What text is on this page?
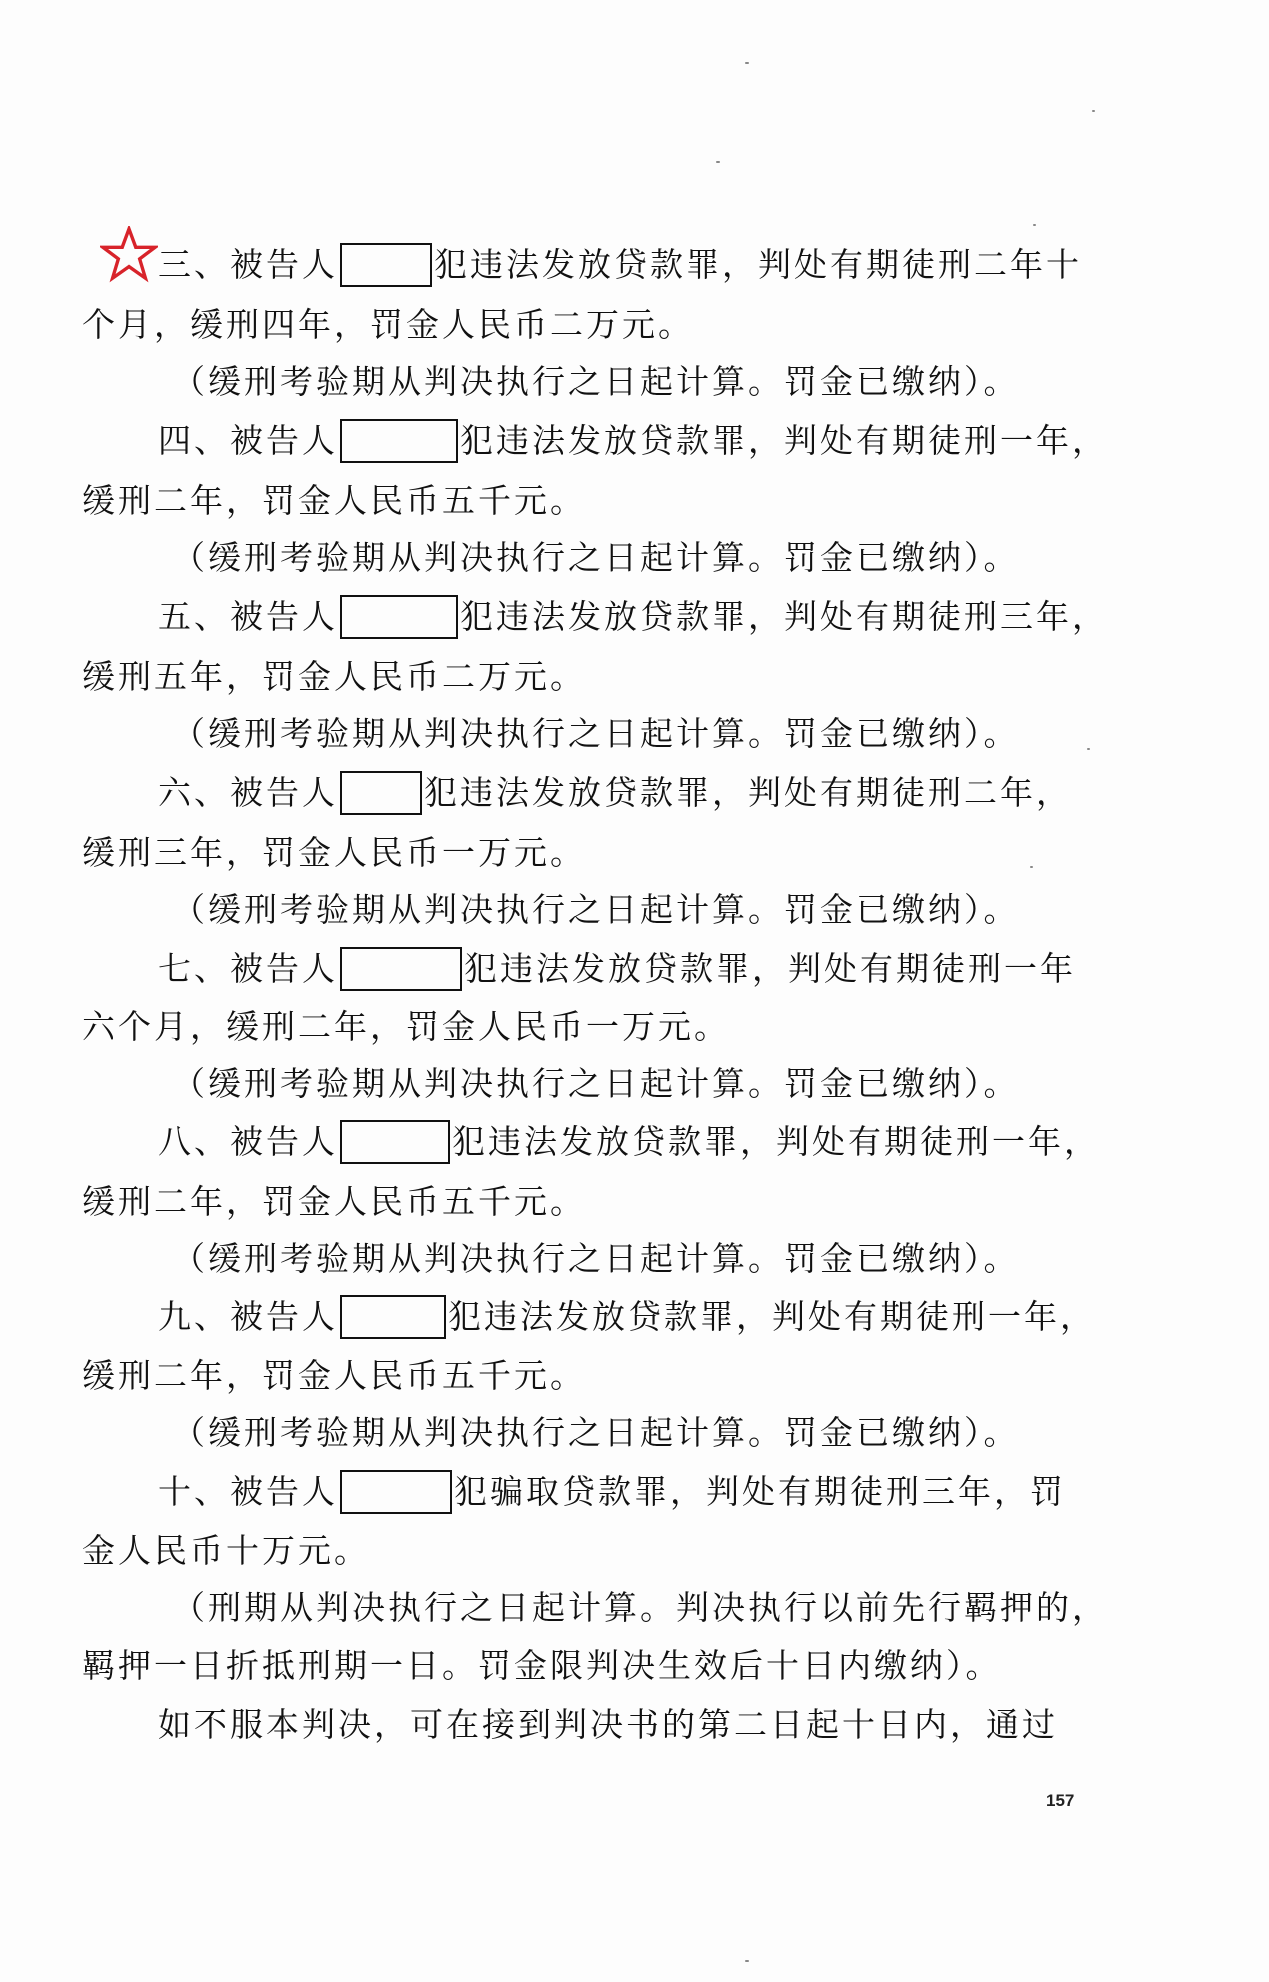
三、被告人	犯违法发放贷款罪，判处有期徒刑二年十
个月，缓刑四年，罚金人民币二万元。
（缓刑考验期从判决执行之日起计算。罚金已缴纳）。
四、被告人	犯违法发放贷款罪，判处有期徒刑一年，
缓刑二年，罚金人民币五千元。
（缓刑考验期从判决执行之日起计算。罚金已缴纳）。
五、被告人	犯违法发放贷款罪，判处有期徒刑三年，
缓刑五年，罚金人民币二万元。
（缓刑考验期从判决执行之日起计算。罚金已缴纳）。
六、被告人	犯违法发放贷款罪，判处有期徒刑二年，
缓刑三年，罚金人民币一万元。
（缓刑考验期从判决执行之日起计算。罚金已缴纳）。
七、被告人	犯违法发放贷款罪，判处有期徒刑一年
六个月，缓刑二年，罚金人民币一万元。
（缓刑考验期从判决执行之日起计算。罚金已缴纳）。
八、被告人	犯违法发放贷款罪，判处有期徒刑一年，
缓刑二年，罚金人民币五千元。
（缓刑考验期从判决执行之日起计算。罚金已缴纳）。
九、被告人	犯违法发放贷款罪，判处有期徒刑一年，
缓刑二年，罚金人民币五千元。
（缓刑考验期从判决执行之日起计算。罚金已缴纳）。
十、被告人	犯骗取贷款罪，判处有期徒刑三年，罚
金人民币十万元。
（刑期从判决执行之日起计算。判决执行以前先行羁押的，
羁押一日折抵刑期一日。罚金限判决生效后十日内缴纳）。
如不服本判决，可在接到判决书的第二日起十日内，通过
157
